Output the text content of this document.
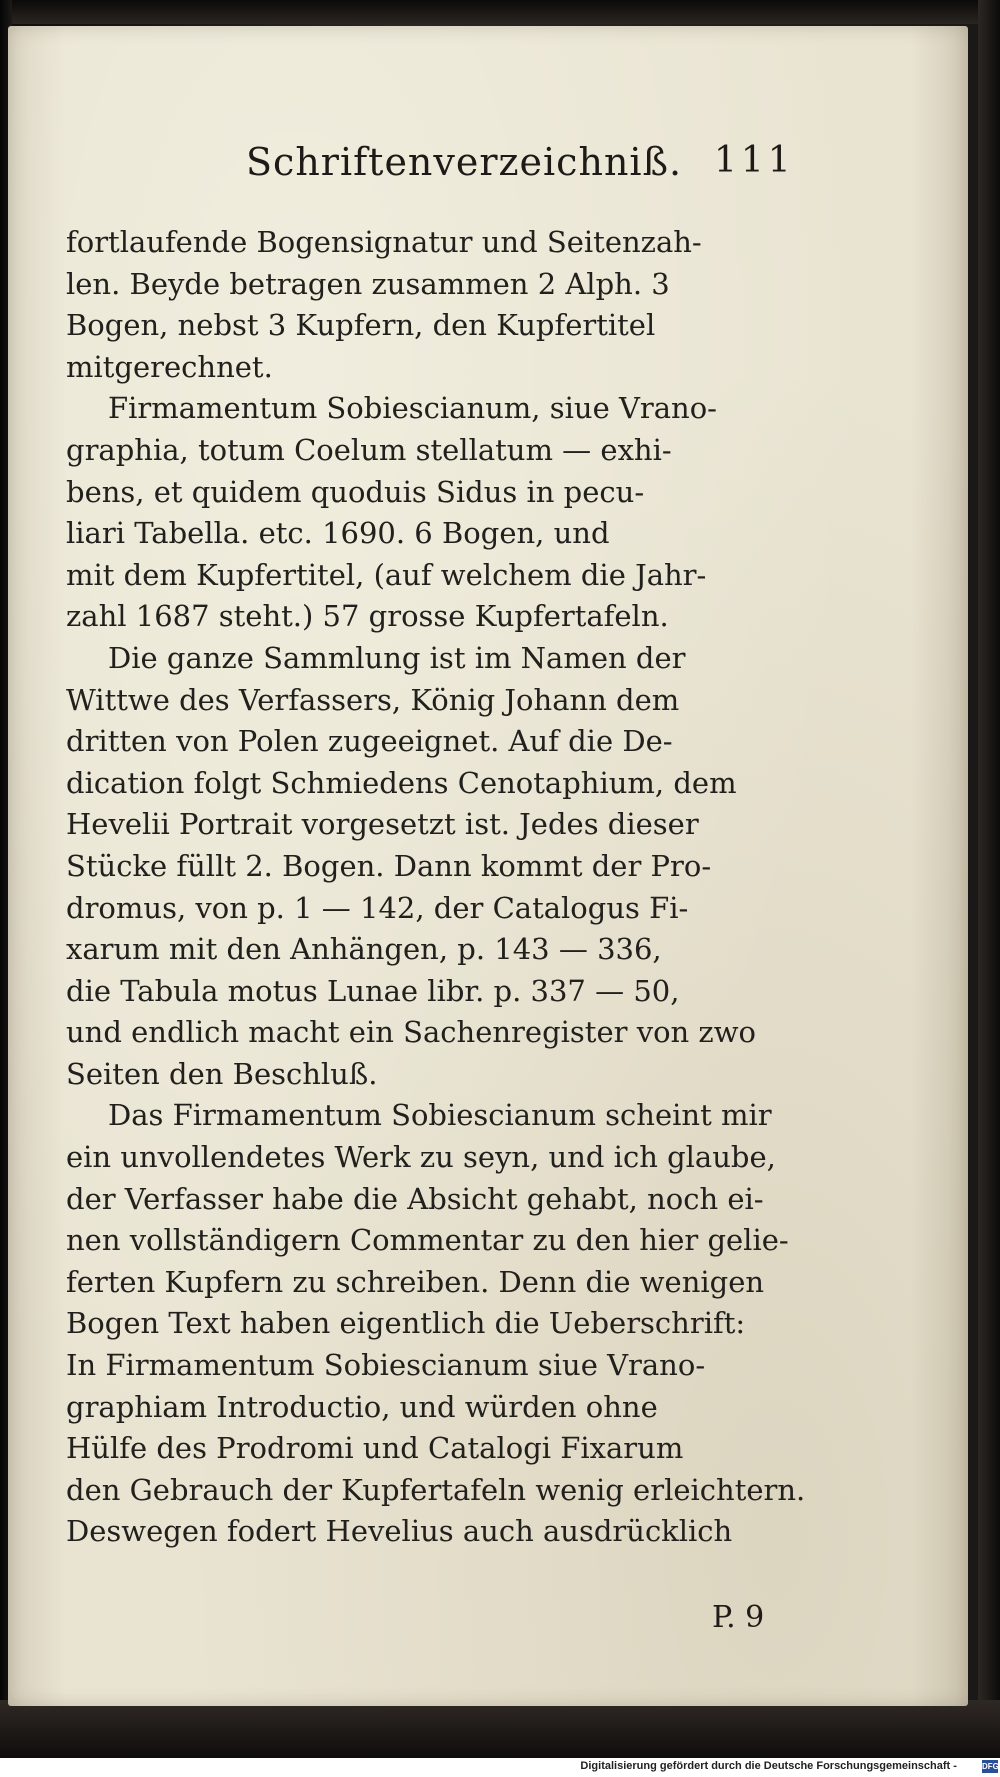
Schriftenverzeichniß. 111
fortlaufende Bogensignatur und Seitenzah-
len. Beyde betragen zusammen 2 Alph. 3
Bogen, nebst 3 Kupfern, den Kupfertitel
mitgerechnet.
Firmamentum Sobiescianum, siue Vrano-
graphia, totum Coelum stellatum — exhi-
bens, et quidem quoduis Sidus in pecu-
liari Tabella. etc. 1690. 6 Bogen, und
mit dem Kupfertitel, (auf welchem die Jahr-
zahl 1687 steht.) 57 grosse Kupfertafeln.
Die ganze Sammlung ist im Namen der
Wittwe des Verfassers, König Johann dem
dritten von Polen zugeeignet. Auf die De-
dication folgt Schmiedens Cenotaphium, dem
Hevelii Portrait vorgesetzt ist. Jedes dieser
Stücke füllt 2. Bogen. Dann kommt der Pro-
dromus, von p. 1 — 142, der Catalogus Fi-
xarum mit den Anhängen, p. 143 — 336,
die Tabula motus Lunae libr. p. 337 — 50,
und endlich macht ein Sachenregister von zwo
Seiten den Beschluß.
Das Firmamentum Sobiescianum scheint mir
ein unvollendetes Werk zu seyn, und ich glaube,
der Verfasser habe die Absicht gehabt, noch ei-
nen vollständigern Commentar zu den hier gelie-
ferten Kupfern zu schreiben. Denn die wenigen
Bogen Text haben eigentlich die Ueberschrift:
In Firmamentum Sobiescianum siue Vrano-
graphiam Introductio, und würden ohne
Hülfe des Prodromi und Catalogi Fixarum
den Gebrauch der Kupfertafeln wenig erleichtern.
Deswegen fodert Hevelius auch ausdrücklich
P. 9
Digitalisierung gefördert durch die Deutsche Forschungsgemeinschaft -	DFG
